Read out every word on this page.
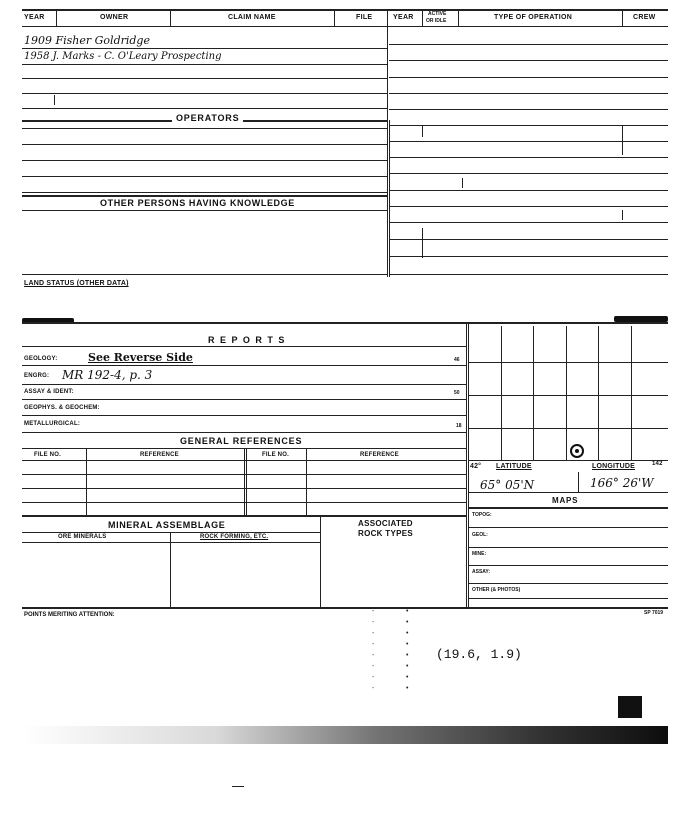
YEAR	OWNER	CLAIM NAME	FILE	YEAR	ACTIVE
OR IDLE	TYPE OF OPERATION	CREW
1909 Fisher Goldridge
1958 J. Marks - C. O'Leary Prospecting
OPERATORS
OTHER PERSONS HAVING KNOWLEDGE
LAND STATUS (OTHER DATA)
R E P O R T S
GEOLOGY:	See Reverse Side	46
ENGRG: MR 192-4, p. 3
ASSAY & IDENT:	50
GEOPHYS. & GEOCHEM:
METALLURGICAL:	18
GENERAL REFERENCES
FILE NO.	REFERENCE	FILE NO.	REFERENCE
MINERAL ASSEMBLAGE
ORE MINERALS	ROCK FORMING, ETC.
ASSOCIATED
ROCK TYPES
42° LATITUDE	LONGITUDE	142
65° 05'N	166° 26'W
MAPS
TOPOG:
GEOL:
MINE:
ASSAY:
OTHER (& PHOTOS)
POINTS MERITING ATTENTION:	SP 7019
(19.6, 1.9)
-
-
-
-
-
-
-
-
•
•
•
•
•
•
•
•
